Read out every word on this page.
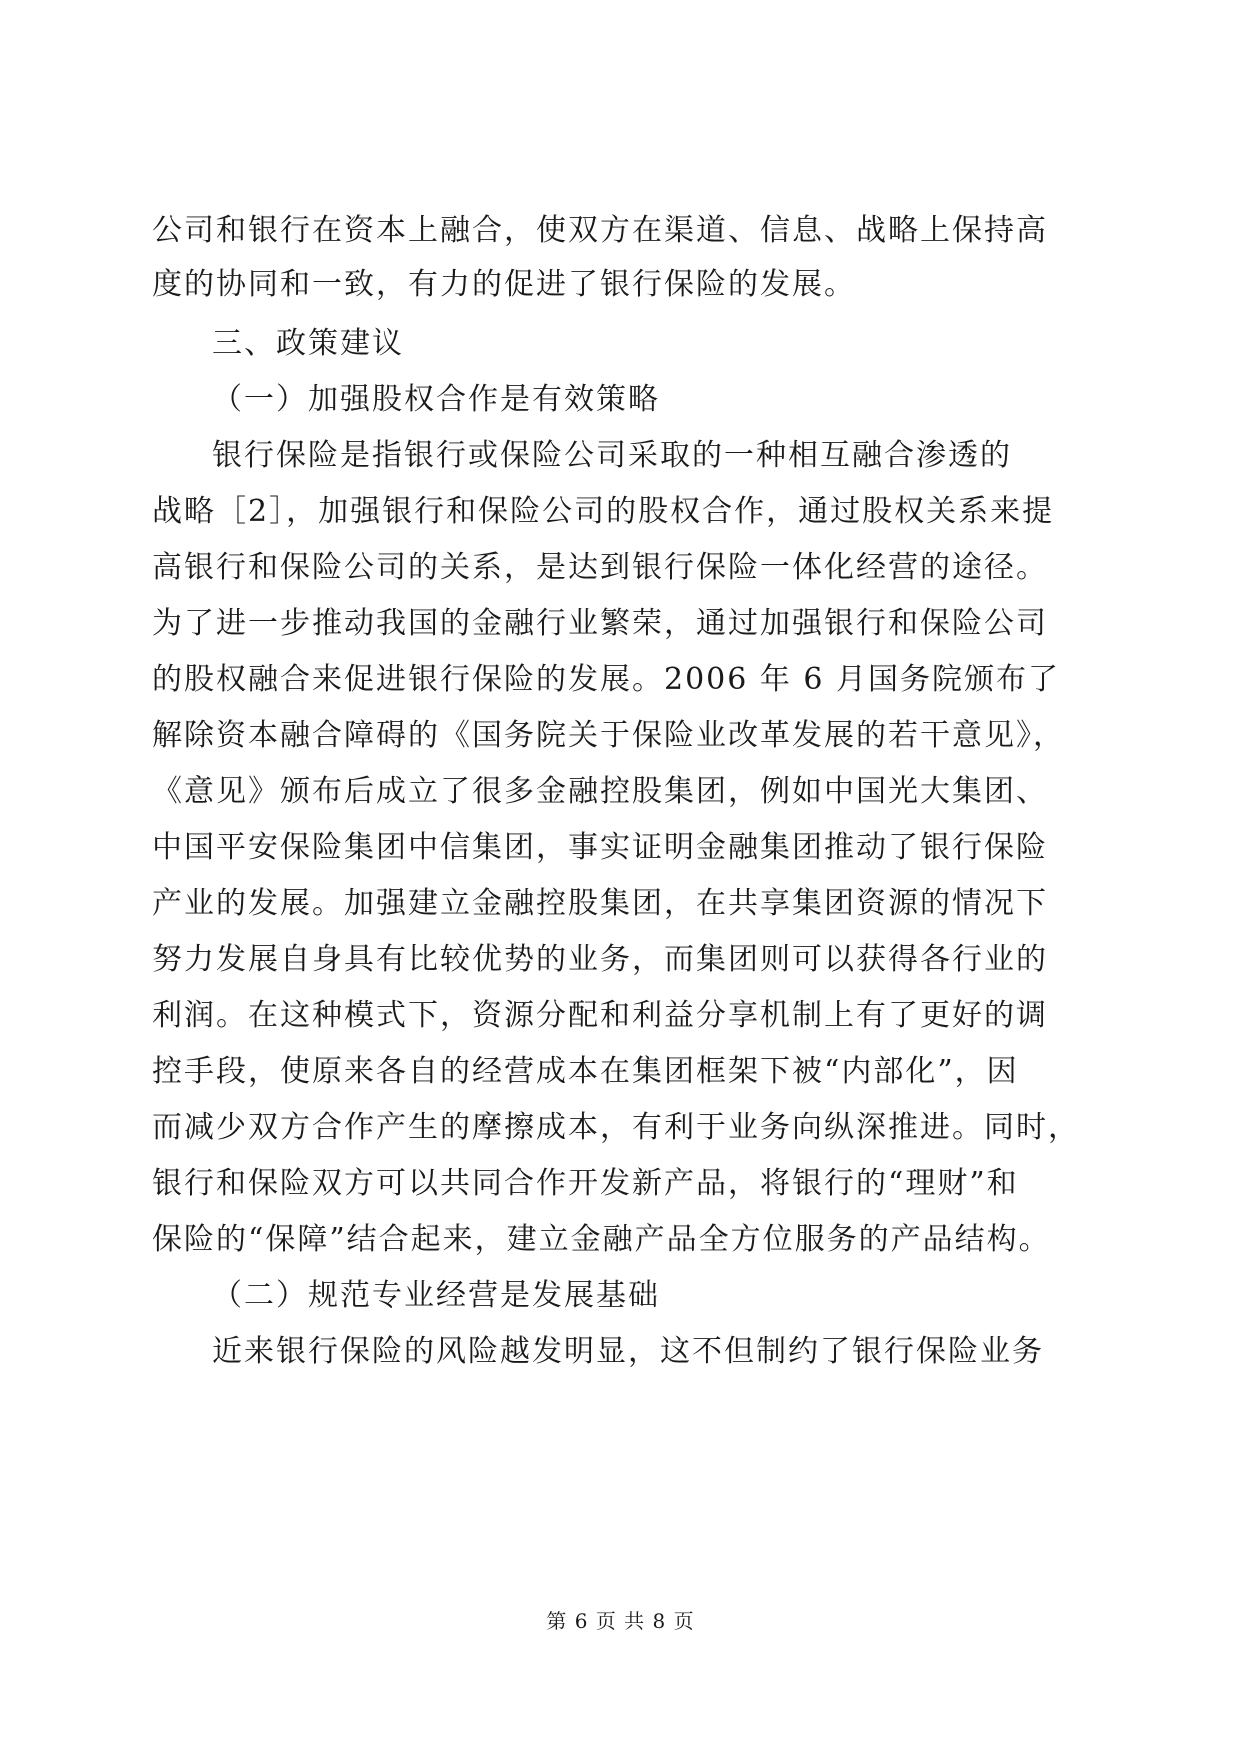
公司和银行在资本上融合，使双方在渠道、信息、战略上保持高
度的协同和一致，有力的促进了银行保险的发展。
三、政策建议
（一）加强股权合作是有效策略
银行保险是指银行或保险公司采取的一种相互融合渗透的
战略［2］，加强银行和保险公司的股权合作，通过股权关系来提
高银行和保险公司的关系，是达到银行保险一体化经营的途径。
为了进一步推动我国的金融行业繁荣，通过加强银行和保险公司
的股权融合来促进银行保险的发展。2006 年 6 月国务院颁布了
解除资本融合障碍的《国务院关于保险业改革发展的若干意见》，
《意见》颁布后成立了很多金融控股集团，例如中国光大集团、
中国平安保险集团中信集团，事实证明金融集团推动了银行保险
产业的发展。加强建立金融控股集团，在共享集团资源的情况下
努力发展自身具有比较优势的业务，而集团则可以获得各行业的
利润。在这种模式下，资源分配和利益分享机制上有了更好的调
控手段，使原来各自的经营成本在集团框架下被“内部化”，因
而减少双方合作产生的摩擦成本，有利于业务向纵深推进。同时，
银行和保险双方可以共同合作开发新产品，将银行的“理财”和
保险的“保障”结合起来，建立金融产品全方位服务的产品结构。
（二）规范专业经营是发展基础
近来银行保险的风险越发明显，这不但制约了银行保险业务
第 6 页 共 8 页
